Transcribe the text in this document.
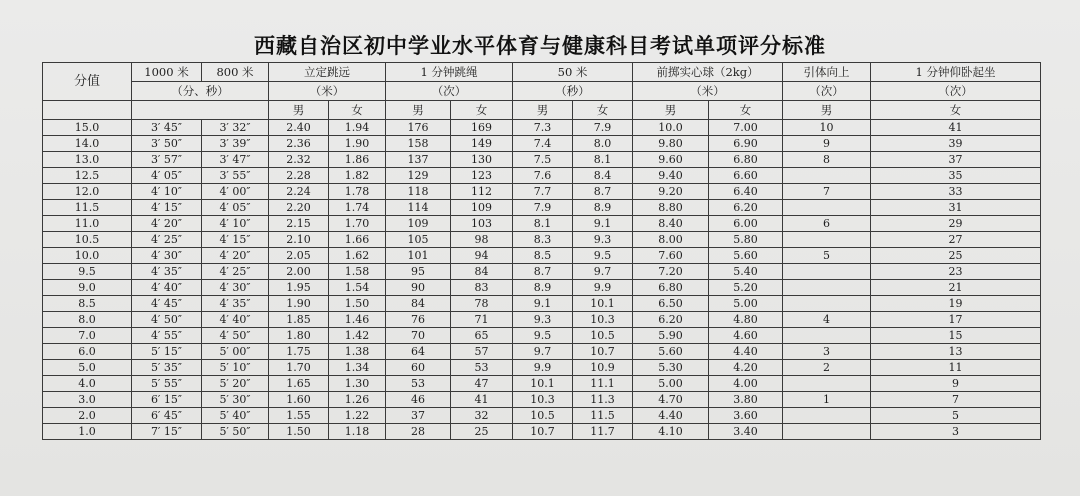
西藏自治区初中学业水平体育与健康科目考试单项评分标准
分值	1000 米	800 米	立定跳远		1 分钟跳绳		50 米		前掷实心球（2kg）		引体向上	1 分钟仰卧起坐
	（分、秒）		（米）		（次）		（秒）		（米）		（次）	（次）
			男	女	男	女	男	女	男	女	男	女
15.0	3′ 45″	3′ 32″	2.40	1.94	176	169	7.3	7.9	10.0	7.00	10	41
14.0	3′ 50″	3′ 39″	2.36	1.90	158	149	7.4	8.0	9.80	6.90	9	39
13.0	3′ 57″	3′ 47″	2.32	1.86	137	130	7.5	8.1	9.60	6.80	8	37
12.5	4′ 05″	3′ 55″	2.28	1.82	129	123	7.6	8.4	9.40	6.60		35
12.0	4′ 10″	4′ 00″	2.24	1.78	118	112	7.7	8.7	9.20	6.40	7	33
11.5	4′ 15″	4′ 05″	2.20	1.74	114	109	7.9	8.9	8.80	6.20		31
11.0	4′ 20″	4′ 10″	2.15	1.70	109	103	8.1	9.1	8.40	6.00	6	29
10.5	4′ 25″	4′ 15″	2.10	1.66	105	98	8.3	9.3	8.00	5.80		27
10.0	4′ 30″	4′ 20″	2.05	1.62	101	94	8.5	9.5	7.60	5.60	5	25
9.5	4′ 35″	4′ 25″	2.00	1.58	95	84	8.7	9.7	7.20	5.40		23
9.0	4′ 40″	4′ 30″	1.95	1.54	90	83	8.9	9.9	6.80	5.20		21
8.5	4′ 45″	4′ 35″	1.90	1.50	84	78	9.1	10.1	6.50	5.00		19
8.0	4′ 50″	4′ 40″	1.85	1.46	76	71	9.3	10.3	6.20	4.80	4	17
7.0	4′ 55″	4′ 50″	1.80	1.42	70	65	9.5	10.5	5.90	4.60		15
6.0	5′ 15″	5′ 00″	1.75	1.38	64	57	9.7	10.7	5.60	4.40	3	13
5.0	5′ 35″	5′ 10″	1.70	1.34	60	53	9.9	10.9	5.30	4.20	2	11
4.0	5′ 55″	5′ 20″	1.65	1.30	53	47	10.1	11.1	5.00	4.00		9
3.0	6′ 15″	5′ 30″	1.60	1.26	46	41	10.3	11.3	4.70	3.80	1	7
2.0	6′ 45″	5′ 40″	1.55	1.22	37	32	10.5	11.5	4.40	3.60		5
1.0	7′ 15″	5′ 50″	1.50	1.18	28	25	10.7	11.7	4.10	3.40		3
